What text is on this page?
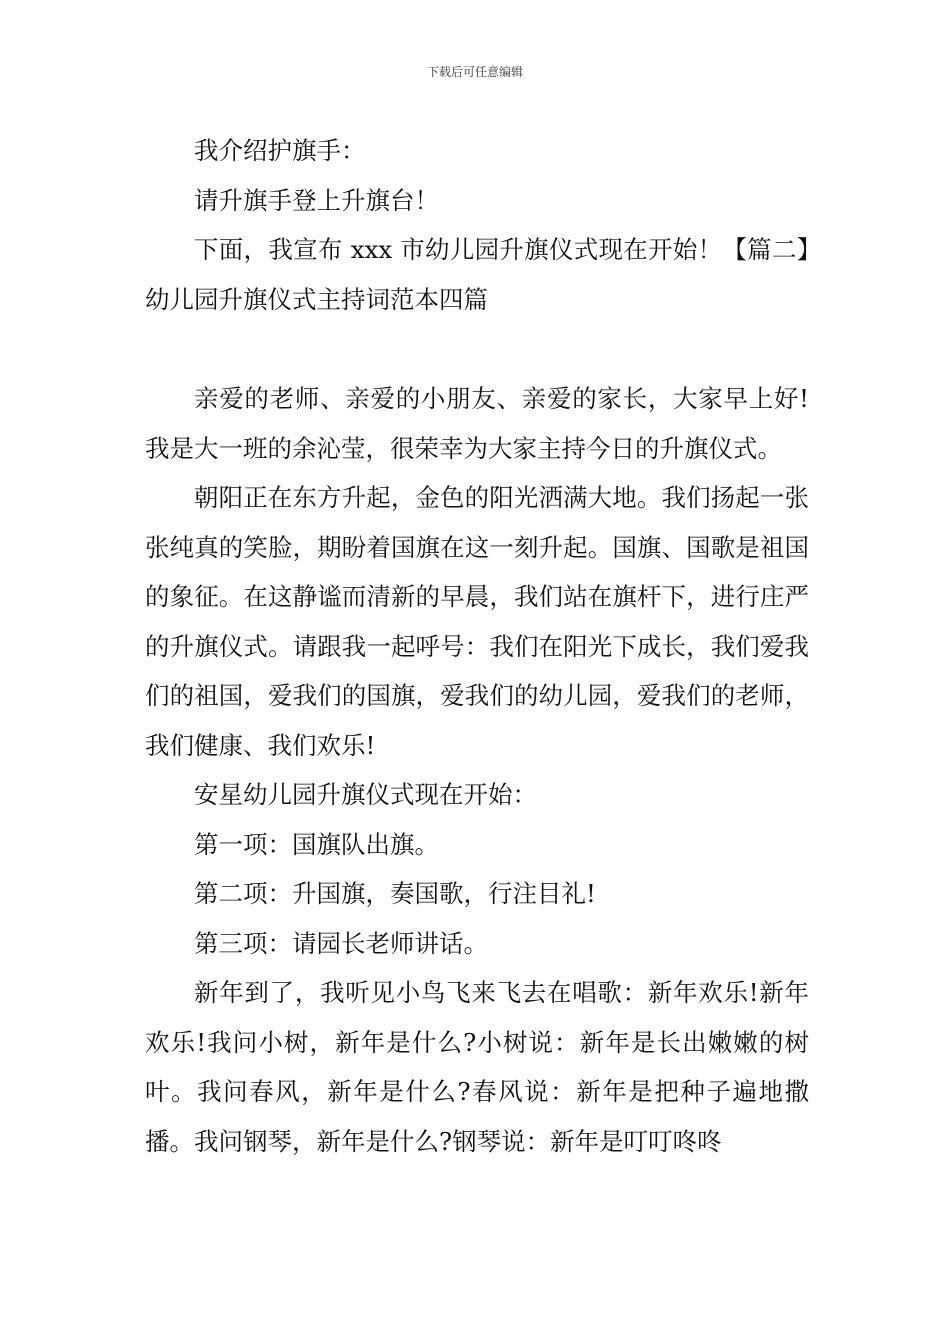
下载后可任意编辑

我介绍护旗手：

请升旗手登上升旗台！

下面，我宣布 xxx 市幼儿园升旗仪式现在开始！【篇二】幼儿园升旗仪式主持词范本四篇

亲爱的老师、亲爱的小朋友、亲爱的家长，大家早上好!我是大一班的余沁莹，很荣幸为大家主持今日的升旗仪式。

朝阳正在东方升起，金色的阳光洒满大地。我们扬起一张张纯真的笑脸，期盼着国旗在这一刻升起。国旗、国歌是祖国的象征。在这静谧而清新的早晨，我们站在旗杆下，进行庄严的升旗仪式。请跟我一起呼号：我们在阳光下成长，我们爱我们的祖国，爱我们的国旗，爱我们的幼儿园，爱我们的老师，我们健康、我们欢乐!

安星幼儿园升旗仪式现在开始：

第一项：国旗队出旗。

第二项：升国旗，奏国歌，行注目礼!

第三项：请园长老师讲话。

新年到了，我听见小鸟飞来飞去在唱歌：新年欢乐!新年欢乐!我问小树，新年是什么?小树说：新年是长出嫩嫩的树叶。我问春风，新年是什么?春风说：新年是把种子遍地撒播。我问钢琴，新年是什么?钢琴说：新年是叮叮咚咚
